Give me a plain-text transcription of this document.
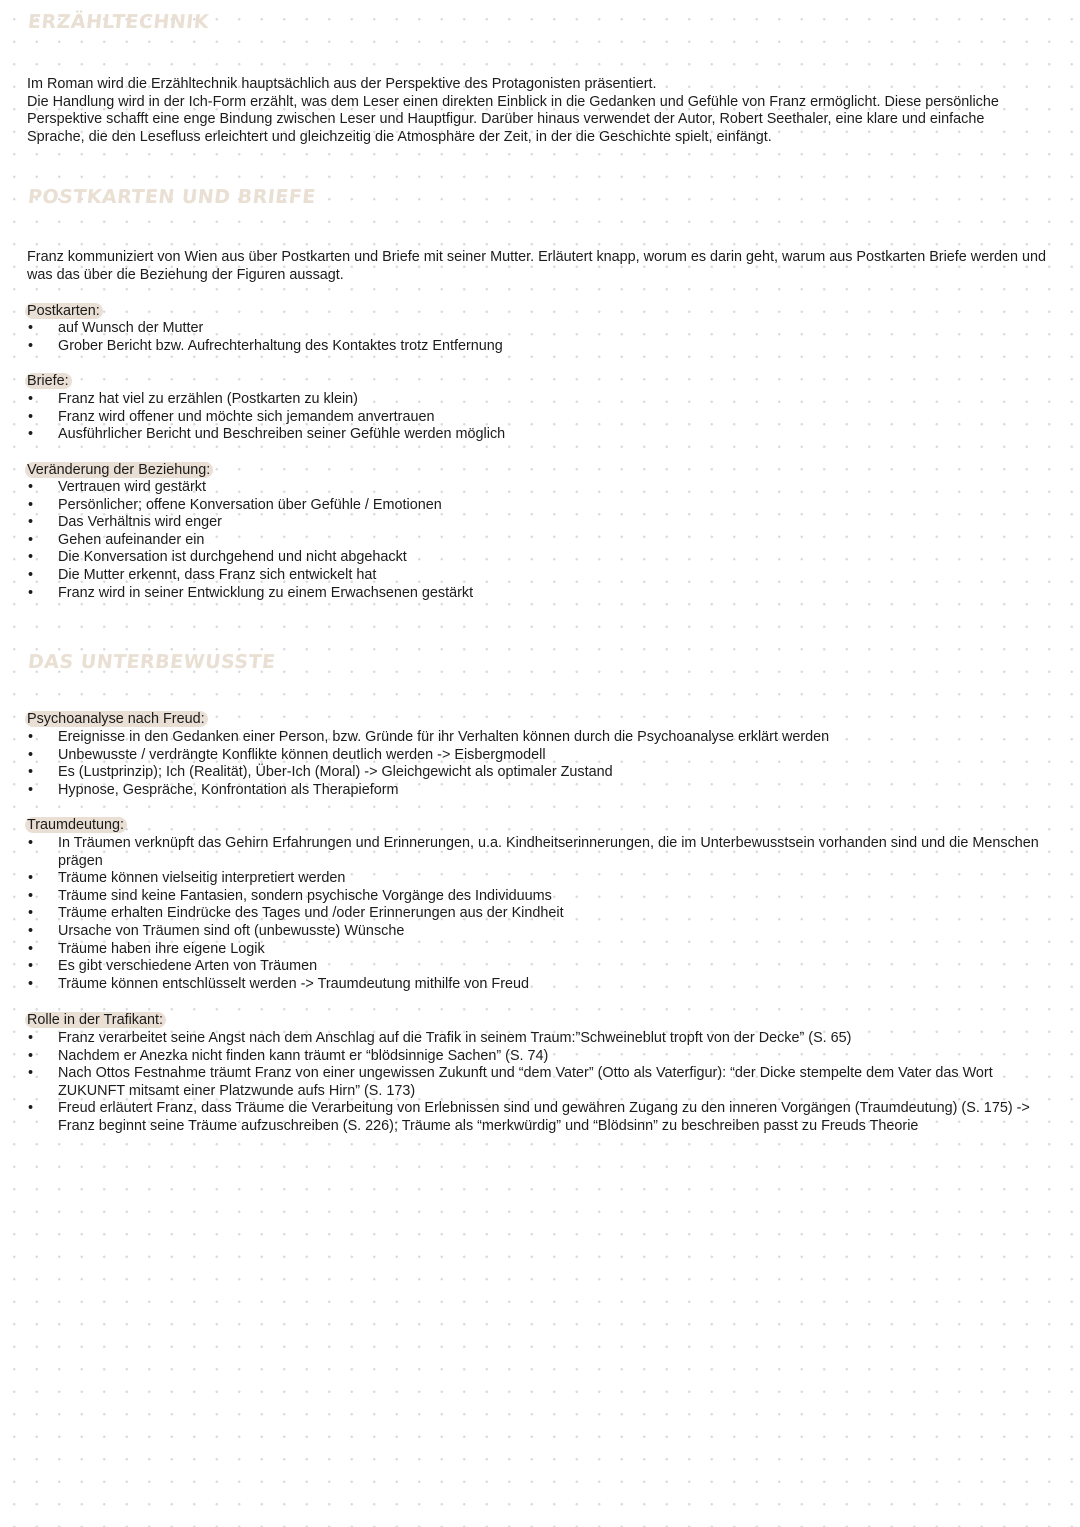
ERZÄHLTECHNIK
Im Roman wird die Erzähltechnik hauptsächlich aus der Perspektive des Protagonisten präsentiert.
Die Handlung wird in der Ich-Form erzählt, was dem Leser einen direkten Einblick in die Gedanken und Gefühle von Franz ermöglicht. Diese persönliche Perspektive schafft eine enge Bindung zwischen Leser und Hauptfigur. Darüber hinaus verwendet der Autor, Robert Seethaler, eine klare und einfache Sprache, die den Lesefluss erleichtert und gleichzeitig die Atmosphäre der Zeit, in der die Geschichte spielt, einfängt.
POSTKARTEN UND BRIEFE

Franz kommuniziert von Wien aus über Postkarten und Briefe mit seiner Mutter. Erläutert knapp, worum es darin geht, warum aus Postkarten Briefe werden und was das über die Beziehung der Figuren aussagt.

Postkarten:

• auf Wunsch der Mutter
• Grober Bericht bzw. Aufrechterhaltung des Kontaktes trotz Entfernung

Briefe:

• Franz hat viel zu erzählen (Postkarten zu klein)
• Franz wird offener und möchte sich jemandem anvertrauen
• Ausführlicher Bericht und Beschreiben seiner Gefühle werden möglich

Veränderung der Beziehung:

• Vertrauen wird gestärkt
• Persönlicher; offene Konversation über Gefühle / Emotionen
• Das Verhältnis wird enger
• Gehen aufeinander ein
• Die Konversation ist durchgehend und nicht abgehackt
• Die Mutter erkennt, dass Franz sich entwickelt hat
• Franz wird in seiner Entwicklung zu einem Erwachsenen gestärkt
DAS UNTERBEWUSSTE

Psychoanalyse nach Freud:

• Ereignisse in den Gedanken einer Person, bzw. Gründe für ihr Verhalten können durch die Psychoanalyse erklärt werden
• Unbewusste / verdrängte Konflikte können deutlich werden -> Eisbergmodell
• Es (Lustprinzip); Ich (Realität), Über-Ich (Moral) -> Gleichgewicht als optimaler Zustand
• Hypnose, Gespräche, Konfrontation als Therapieform

Traumdeutung:

• In Träumen verknüpft das Gehirn Erfahrungen und Erinnerungen, u.a. Kindheitserinnerungen, die im Unterbewusstsein vorhanden sind und die Menschen prägen
• Träume können vielseitig interpretiert werden
• Träume sind keine Fantasien, sondern psychische Vorgänge des Individuums
• Träume erhalten Eindrücke des Tages und /oder Erinnerungen aus der Kindheit
• Ursache von Träumen sind oft (unbewusste) Wünsche
• Träume haben ihre eigene Logik
• Es gibt verschiedene Arten von Träumen
• Träume können entschlüsselt werden -> Traumdeutung mithilfe von Freud

Rolle in der Trafikant:

• Franz verarbeitet seine Angst nach dem Anschlag auf die Trafik in seinem Traum:”Schweineblut tropft von der Decke” (S. 65)
• Nachdem er Anezka nicht finden kann träumt er “blödsinnige Sachen” (S. 74)
• Nach Ottos Festnahme träumt Franz von einer ungewissen Zukunft und “dem Vater” (Otto als Vaterfigur): “der Dicke stempelte dem Vater das Wort ZUKUNFT mitsamt einer Platzwunde aufs Hirn” (S. 173)
• Freud erläutert Franz, dass Träume die Verarbeitung von Erlebnissen sind und gewähren Zugang zu den inneren Vorgängen (Traumdeutung) (S. 175) -> Franz beginnt seine Träume aufzuschreiben (S. 226); Träume als “merkwürdig” und “Blödsinn” zu beschreiben passt zu Freuds Theorie
